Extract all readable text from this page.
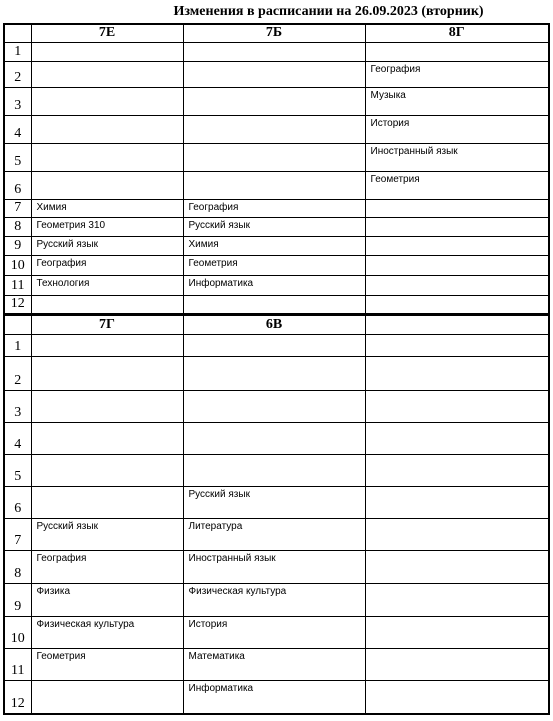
Изменения в расписании на 26.09.2023 (вторник)
	7Е	7Б	8Г
1			
2			География
3			Музыка
4			История
5			Иностранный язык
6			Геометрия
7	Химия	География	
8	Геометрия 310	Русский язык	
9	Русский язык	Химия	
10	География	Геометрия	
11	Технология	Информатика	
12			
	7Г	6В	
1			
2			
3			
4			
5			
6		Русский язык	
7	Русский язык	Литература	
8	География	Иностранный язык	
9	Физика	Физическая культура	
10	Физическая культура	История	
11	Геометрия	Математика	
12		Информатика	
